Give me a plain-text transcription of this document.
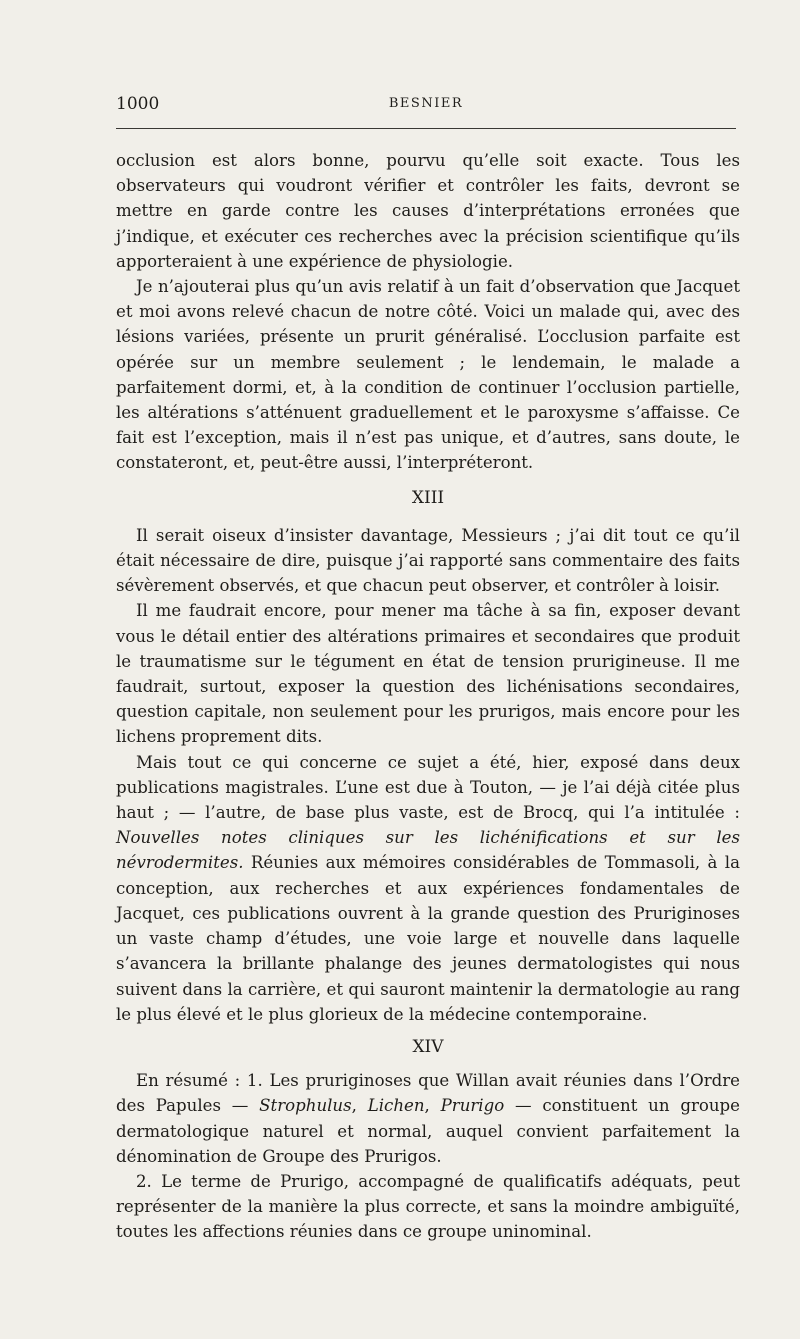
1000	BESNIER

occlusion est alors bonne, pourvu qu’elle soit exacte. Tous les observateurs qui voudront vérifier et contrôler les faits, devront se mettre en garde contre les causes d’interprétations erronées que j’indique, et exécuter ces recherches avec la précision scientifique qu’ils apporteraient à une expérience de physiologie.

Je n’ajouterai plus qu’un avis relatif à un fait d’observation que Jacquet et moi avons relevé chacun de notre côté. Voici un malade qui, avec des lésions variées, présente un prurit généralisé. L’occlusion parfaite est opérée sur un membre seulement ; le lendemain, le malade a parfaitement dormi, et, à la condition de continuer l’occlusion partielle, les altérations s’atténuent graduellement et le paroxysme s’affaisse. Ce fait est l’exception, mais il n’est pas unique, et d’autres, sans doute, le constateront, et, peut-être aussi, l’interpréteront.

XIII

Il serait oiseux d’insister davantage, Messieurs ; j’ai dit tout ce qu’il était nécessaire de dire, puisque j’ai rapporté sans commentaire des faits sévèrement observés, et que chacun peut observer, et contrôler à loisir.

Il me faudrait encore, pour mener ma tâche à sa fin, exposer devant vous le détail entier des altérations primaires et secondaires que produit le traumatisme sur le tégument en état de tension prurigineuse. Il me faudrait, surtout, exposer la question des lichénisations secondaires, question capitale, non seulement pour les prurigos, mais encore pour les lichens proprement dits.

Mais tout ce qui concerne ce sujet a été, hier, exposé dans deux publications magistrales. L’une est due à Touton, — je l’ai déjà citée plus haut ; — l’autre, de base plus vaste, est de Brocq, qui l’a intitulée : Nouvelles notes cliniques sur les lichénifications et sur les névrodermites. Réunies aux mémoires considérables de Tommasoli, à la conception, aux recherches et aux expériences fondamentales de Jacquet, ces publications ouvrent à la grande question des Pruriginoses un vaste champ d’études, une voie large et nouvelle dans laquelle s’avancera la brillante phalange des jeunes dermatologistes qui nous suivent dans la carrière, et qui sauront maintenir la dermatologie au rang le plus élevé et le plus glorieux de la médecine contemporaine.

XIV

En résumé : 1. Les pruriginoses que Willan avait réunies dans l’Ordre des Papules — Strophulus, Lichen, Prurigo — constituent un groupe dermatologique naturel et normal, auquel convient parfaitement la dénomination de Groupe des Prurigos.

2. Le terme de Prurigo, accompagné de qualificatifs adéquats, peut représenter de la manière la plus correcte, et sans la moindre ambiguïté, toutes les affections réunies dans ce groupe uninominal.
